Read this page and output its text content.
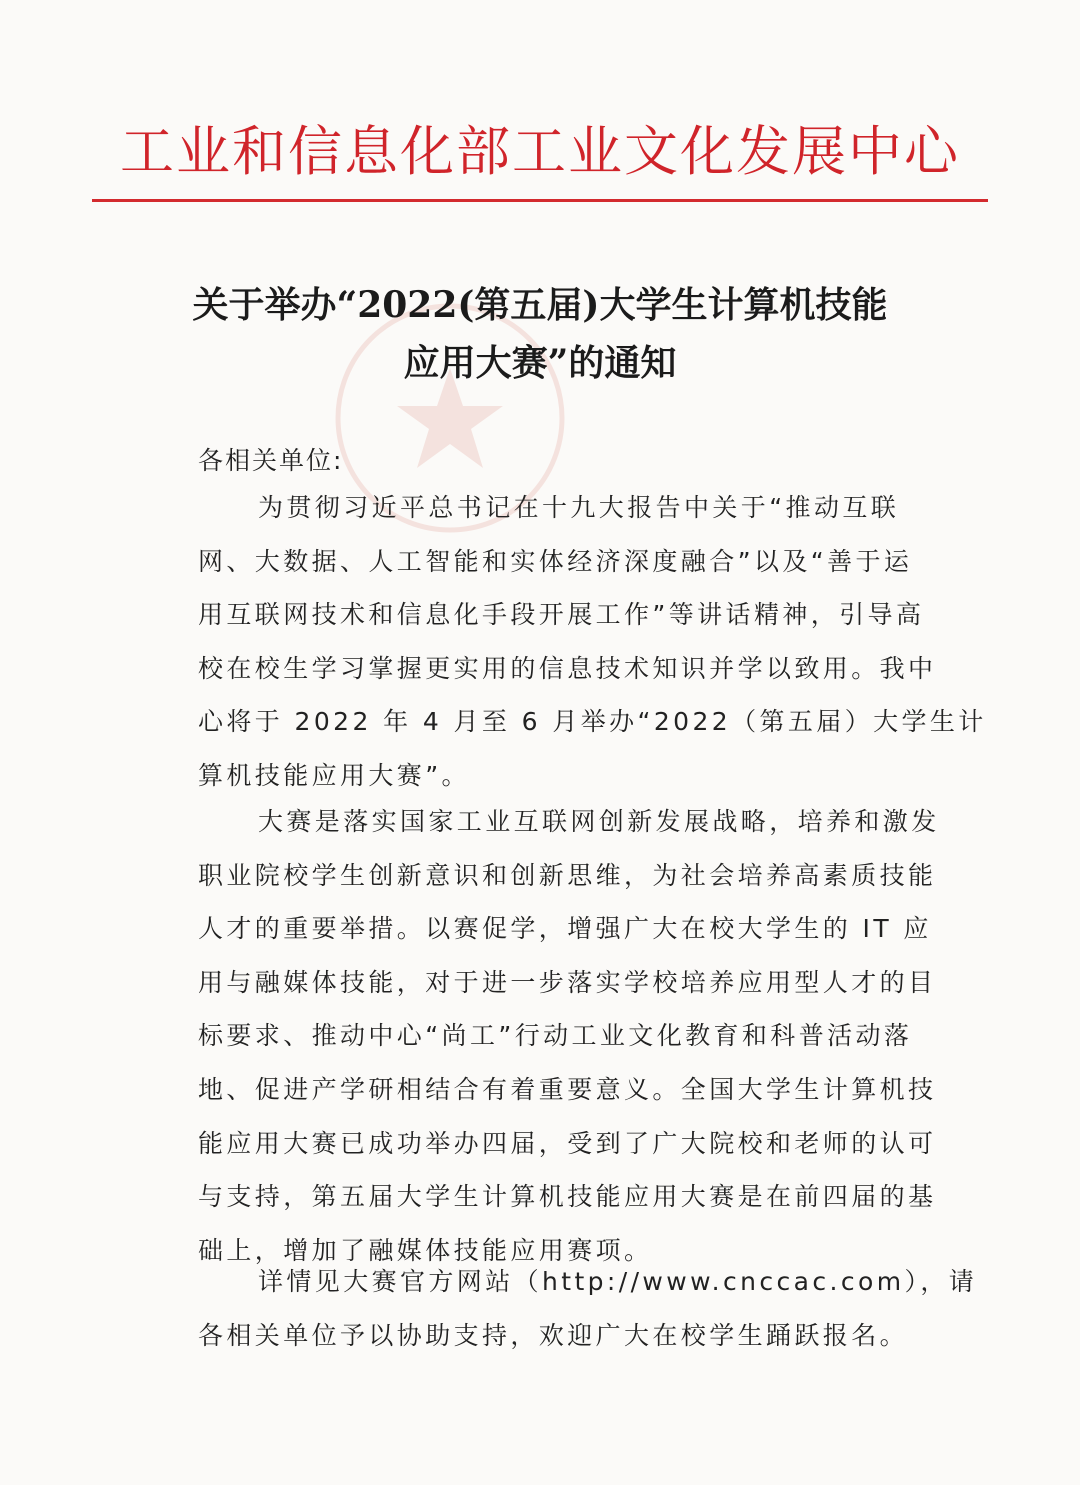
工业和信息化部工业文化发展中心
关于举办“2022(第五届)大学生计算机技能
应用大赛”的通知
各相关单位:
为贯彻习近平总书记在十九大报告中关于“推动互联
网、大数据、人工智能和实体经济深度融合”以及“善于运
用互联网技术和信息化手段开展工作”等讲话精神，引导高
校在校生学习掌握更实用的信息技术知识并学以致用。我中
心将于 2022 年 4 月至 6 月举办“2022（第五届）大学生计
算机技能应用大赛”。
大赛是落实国家工业互联网创新发展战略，培养和激发
职业院校学生创新意识和创新思维，为社会培养高素质技能
人才的重要举措。以赛促学，增强广大在校大学生的 IT 应
用与融媒体技能，对于进一步落实学校培养应用型人才的目
标要求、推动中心“尚工”行动工业文化教育和科普活动落
地、促进产学研相结合有着重要意义。全国大学生计算机技
能应用大赛已成功举办四届，受到了广大院校和老师的认可
与支持，第五届大学生计算机技能应用大赛是在前四届的基
础上，增加了融媒体技能应用赛项。
详情见大赛官方网站（http://www.cnccac.com），请
各相关单位予以协助支持，欢迎广大在校学生踊跃报名。
